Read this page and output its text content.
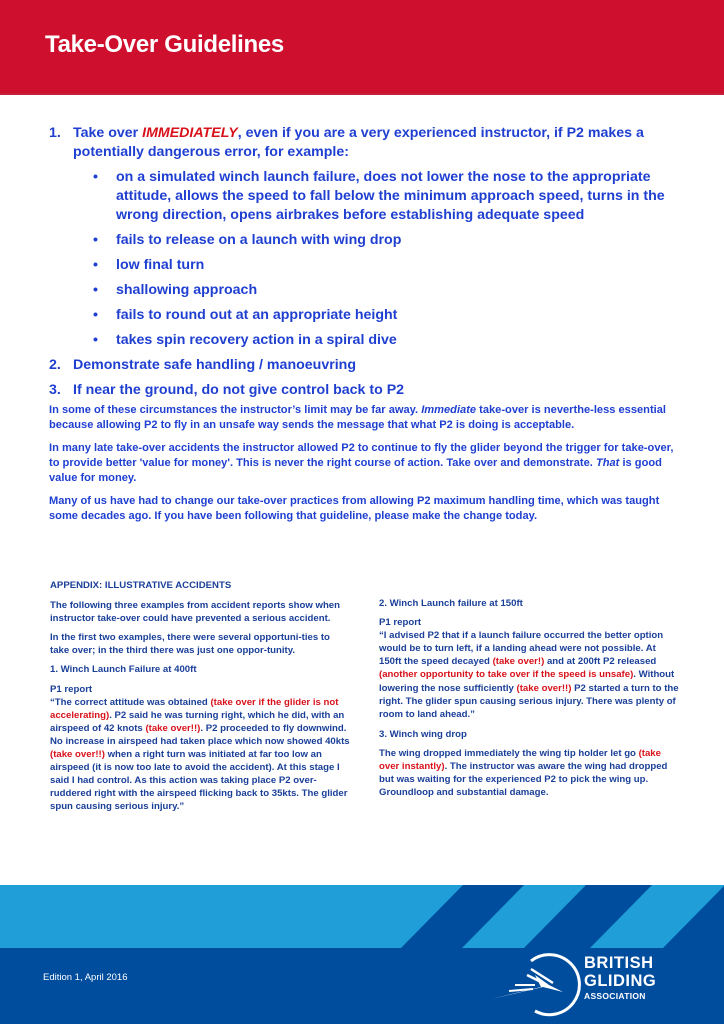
Take-Over Guidelines
1. Take over IMMEDIATELY, even if you are a very experienced instructor, if P2 makes a potentially dangerous error, for example:
• on a simulated winch launch failure, does not lower the nose to the appropriate attitude, allows the speed to fall below the minimum approach speed, turns in the wrong direction, opens airbrakes before establishing adequate speed
• fails to release on a launch with wing drop
• low final turn
• shallowing approach
• fails to round out at an appropriate height
• takes spin recovery action in a spiral dive
2. Demonstrate safe handling / manoeuvring
3. If near the ground, do not give control back to P2

In some of these circumstances the instructor’s limit may be far away. Immediate take-over is neverthe-less essential because allowing P2 to fly in an unsafe way sends the message that what P2 is doing is acceptable.

In many late take-over accidents the instructor allowed P2 to continue to fly the glider beyond the trigger for take-over, to provide better 'value for money'. This is never the right course of action. Take over and demonstrate. That is good value for money.

Many of us have had to change our take-over practices from allowing P2 maximum handling time, which was taught some decades ago. If you have been following that guideline, please make the change today.

APPENDIX: ILLUSTRATIVE ACCIDENTS

The following three examples from accident reports show when instructor take-over could have prevented a serious accident.

In the first two examples, there were several opportuni-ties to take over; in the third there was just one oppor-tunity.

1. Winch Launch Failure at 400ft

P1 report
“The correct attitude was obtained (take over if the glider is not accelerating). P2 said he was turning right, which he did, with an airspeed of 42 knots (take over!!). P2 proceeded to fly downwind. No increase in airspeed had taken place which now showed 40kts (take over!!) when a right turn was initiated at far too low an airspeed (it is now too late to avoid the accident). At this stage I said I had control. As this action was taking place P2 over-ruddered right with the airspeed flicking back to 35kts. The glider spun causing serious injury.”

2. Winch Launch failure at 150ft

P1 report
“I advised P2 that if a launch failure occurred the better option would be to turn left, if a landing ahead were not possible. At 150ft the speed decayed (take over!) and at 200ft P2 released (another opportunity to take over if the speed is unsafe). Without lowering the nose sufficiently (take over!!) P2 started a turn to the right. The glider spun causing serious injury. There was plenty of room to land ahead.”

3. Winch wing drop

The wing dropped immediately the wing tip holder let go (take over instantly). The instructor was aware the wing had dropped but was waiting for the experienced P2 to pick the wing up. Groundloop and substantial damage.

Edition 1, April 2016
BRITISH
GLIDING
ASSOCIATION
